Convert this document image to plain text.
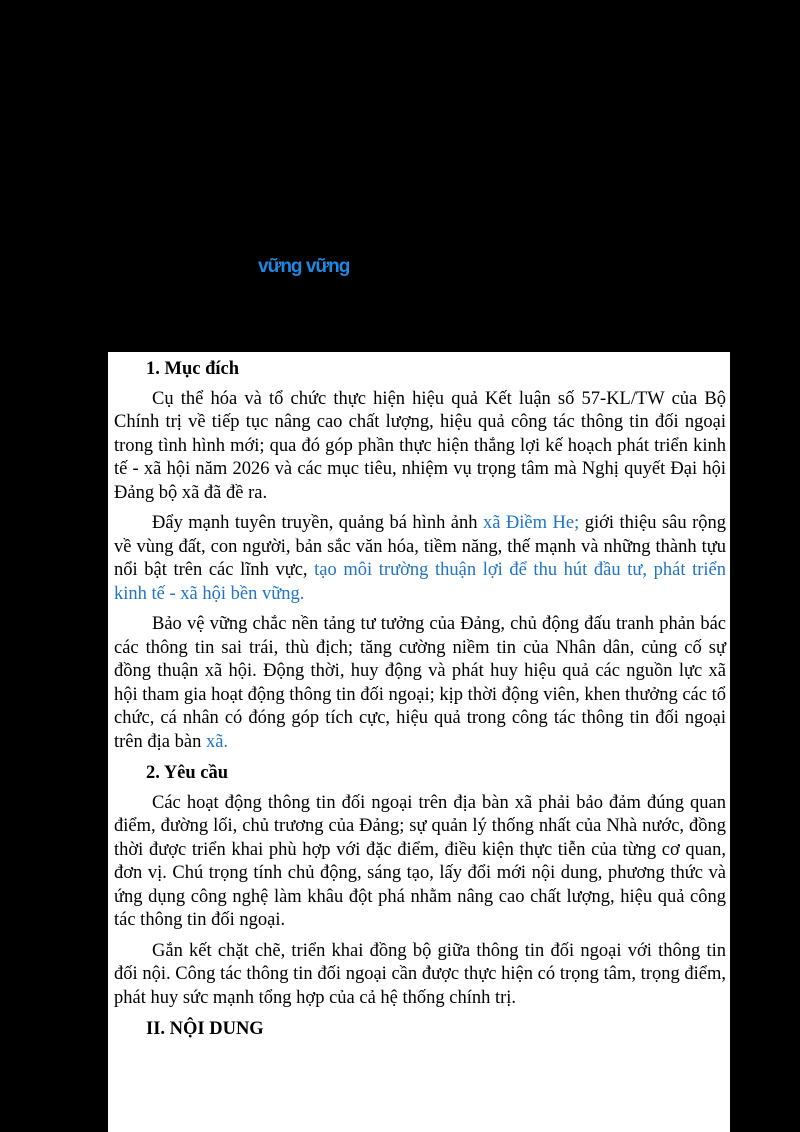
vững vững
1. Mục đích

Cụ thể hóa và tổ chức thực hiện hiệu quả Kết luận số 57-KL/TW của Bộ Chính trị về tiếp tục nâng cao chất lượng, hiệu quả công tác thông tin đối ngoại trong tình hình mới; qua đó góp phần thực hiện thắng lợi kế hoạch phát triển kinh tế - xã hội năm 2026 và các mục tiêu, nhiệm vụ trọng tâm mà Nghị quyết Đại hội Đảng bộ xã đã đề ra.

Đẩy mạnh tuyên truyền, quảng bá hình ảnh xã Điềm He; giới thiệu sâu rộng về vùng đất, con người, bản sắc văn hóa, tiềm năng, thế mạnh và những thành tựu nổi bật trên các lĩnh vực, tạo môi trường thuận lợi để thu hút đầu tư, phát triển kinh tế - xã hội bền vững.

Bảo vệ vững chắc nền tảng tư tưởng của Đảng, chủ động đấu tranh phản bác các thông tin sai trái, thù địch; tăng cường niềm tin của Nhân dân, củng cố sự đồng thuận xã hội. Động thời, huy động và phát huy hiệu quả các nguồn lực xã hội tham gia hoạt động thông tin đối ngoại; kịp thời động viên, khen thưởng các tổ chức, cá nhân có đóng góp tích cực, hiệu quả trong công tác thông tin đối ngoại trên địa bàn xã.

2. Yêu cầu

Các hoạt động thông tin đối ngoại trên địa bàn xã phải bảo đảm đúng quan điểm, đường lối, chủ trương của Đảng; sự quản lý thống nhất của Nhà nước, đồng thời được triển khai phù hợp với đặc điểm, điều kiện thực tiễn của từng cơ quan, đơn vị. Chú trọng tính chủ động, sáng tạo, lấy đổi mới nội dung, phương thức và ứng dụng công nghệ làm khâu đột phá nhằm nâng cao chất lượng, hiệu quả công tác thông tin đối ngoại.

Gắn kết chặt chẽ, triển khai đồng bộ giữa thông tin đối ngoại với thông tin đối nội. Công tác thông tin đối ngoại cần được thực hiện có trọng tâm, trọng điểm, phát huy sức mạnh tổng hợp của cả hệ thống chính trị.

II. NỘI DUNG
